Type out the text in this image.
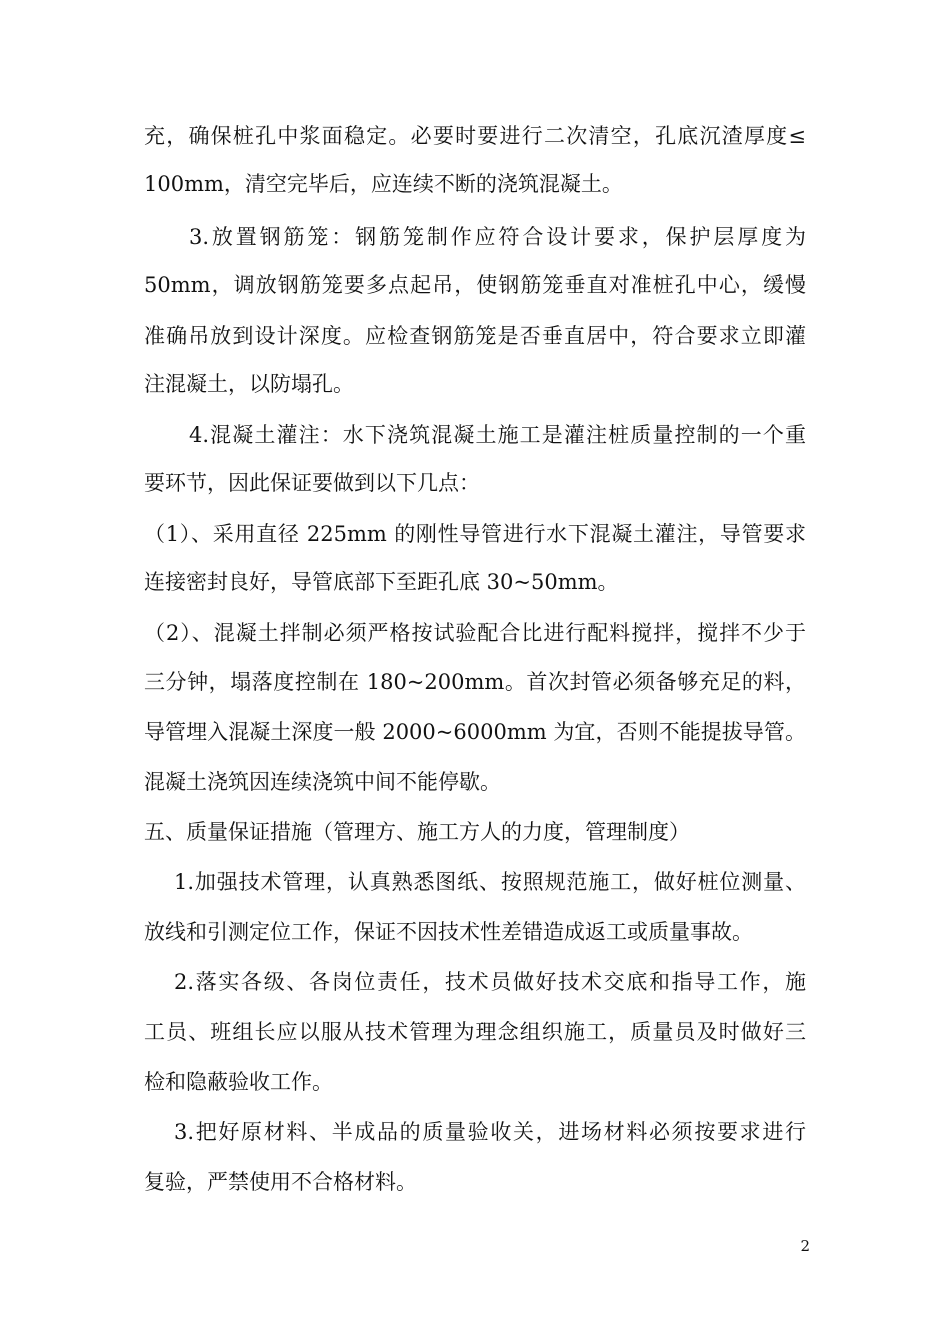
充，确保桩孔中浆面稳定。必要时要进行二次清空，孔底沉渣厚度≤
100mm，清空完毕后，应连续不断的浇筑混凝土。
3.放置钢筋笼：钢筋笼制作应符合设计要求，保护层厚度为
50mm，调放钢筋笼要多点起吊，使钢筋笼垂直对准桩孔中心，缓慢
准确吊放到设计深度。应检查钢筋笼是否垂直居中，符合要求立即灌
注混凝土，以防塌孔。
4.混凝土灌注：水下浇筑混凝土施工是灌注桩质量控制的一个重
要环节，因此保证要做到以下几点：
（1）、采用直径 225mm 的刚性导管进行水下混凝土灌注，导管要求
连接密封良好，导管底部下至距孔底 30~50mm。
（2）、混凝土拌制必须严格按试验配合比进行配料搅拌，搅拌不少于
三分钟，塌落度控制在 180~200mm。首次封管必须备够充足的料，
导管埋入混凝土深度一般 2000~6000mm 为宜，否则不能提拔导管。
混凝土浇筑因连续浇筑中间不能停歇。
五、质量保证措施（管理方、施工方人的力度，管理制度）
1.加强技术管理，认真熟悉图纸、按照规范施工，做好桩位测量、
放线和引测定位工作，保证不因技术性差错造成返工或质量事故。
2.落实各级、各岗位责任，技术员做好技术交底和指导工作，施
工员、班组长应以服从技术管理为理念组织施工，质量员及时做好三
检和隐蔽验收工作。
3.把好原材料、半成品的质量验收关，进场材料必须按要求进行
复验，严禁使用不合格材料。
2
